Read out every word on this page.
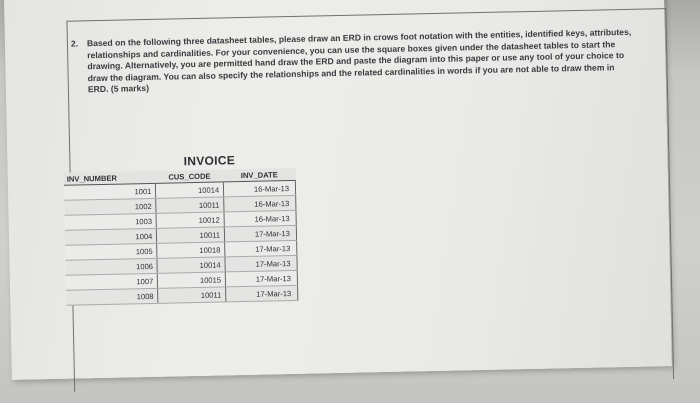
2. Based on the following three datasheet tables, please draw an ERD in crows foot notation with the entities, identified keys, attributes, relationships and cardinalities. For your convenience, you can use the square boxes given under the datasheet tables to start the drawing. Alternatively, you are permitted hand draw the ERD and paste the diagram into this paper or use any tool of your choice to draw the diagram. You can also specify the relationships and the related cardinalities in words if you are not able to draw them in ERD. (5 marks)
INVOICE
INV_NUMBER	CUS_CODE	INV_DATE
1001	10014	16-Mar-13
1002	10011	16-Mar-13
1003	10012	16-Mar-13
1004	10011	17-Mar-13
1005	10018	17-Mar-13
1006	10014	17-Mar-13
1007	10015	17-Mar-13
1008	10011	17-Mar-13
